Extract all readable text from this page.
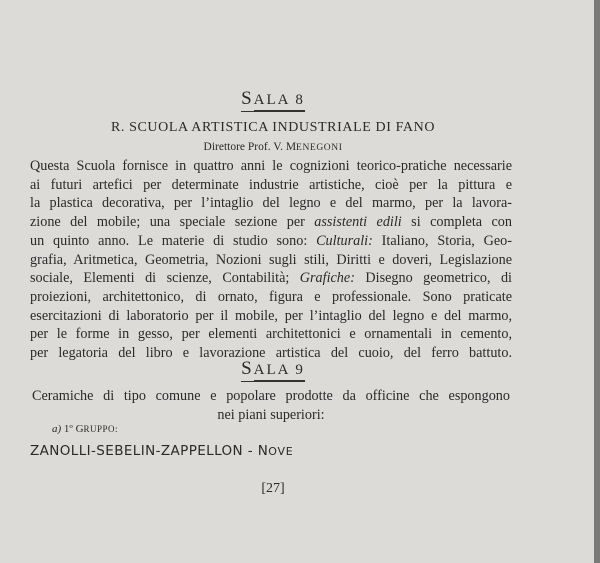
SALA 8
R. SCUOLA ARTISTICA INDUSTRIALE DI FANO
Direttore Prof. V. MENEGONI
Questa Scuola fornisce in quattro anni le cognizioni teorico-pratiche necessarie
ai futuri artefici per determinate industrie artistiche, cioè per la pittura e
la plastica decorativa, per l’intaglio del legno e del marmo, per la lavora-
zione del mobile; una speciale sezione per assistenti edili si completa con
un quinto anno. Le materie di studio sono: Culturali: Italiano, Storia, Geo-
grafia, Aritmetica, Geometria, Nozioni sugli stili, Diritti e doveri, Legislazione
sociale, Elementi di scienze, Contabilità; Grafiche: Disegno geometrico, di
proiezioni, architettonico, di ornato, figura e professionale. Sono praticate
esercitazioni di laboratorio per il mobile, per l’intaglio del legno e del marmo,
per le forme in gesso, per elementi architettonici e ornamentali in cemento,
per legatoria del libro e lavorazione artistica del cuoio, del ferro battuto.
SALA 9
Ceramiche di tipo comune e popolare prodotte da officine che espongono
nei piani superiori:
a) 1º GRUPPO:
ZANOLLI-SEBELIN-ZAPPELLON - NOVE
[27]
